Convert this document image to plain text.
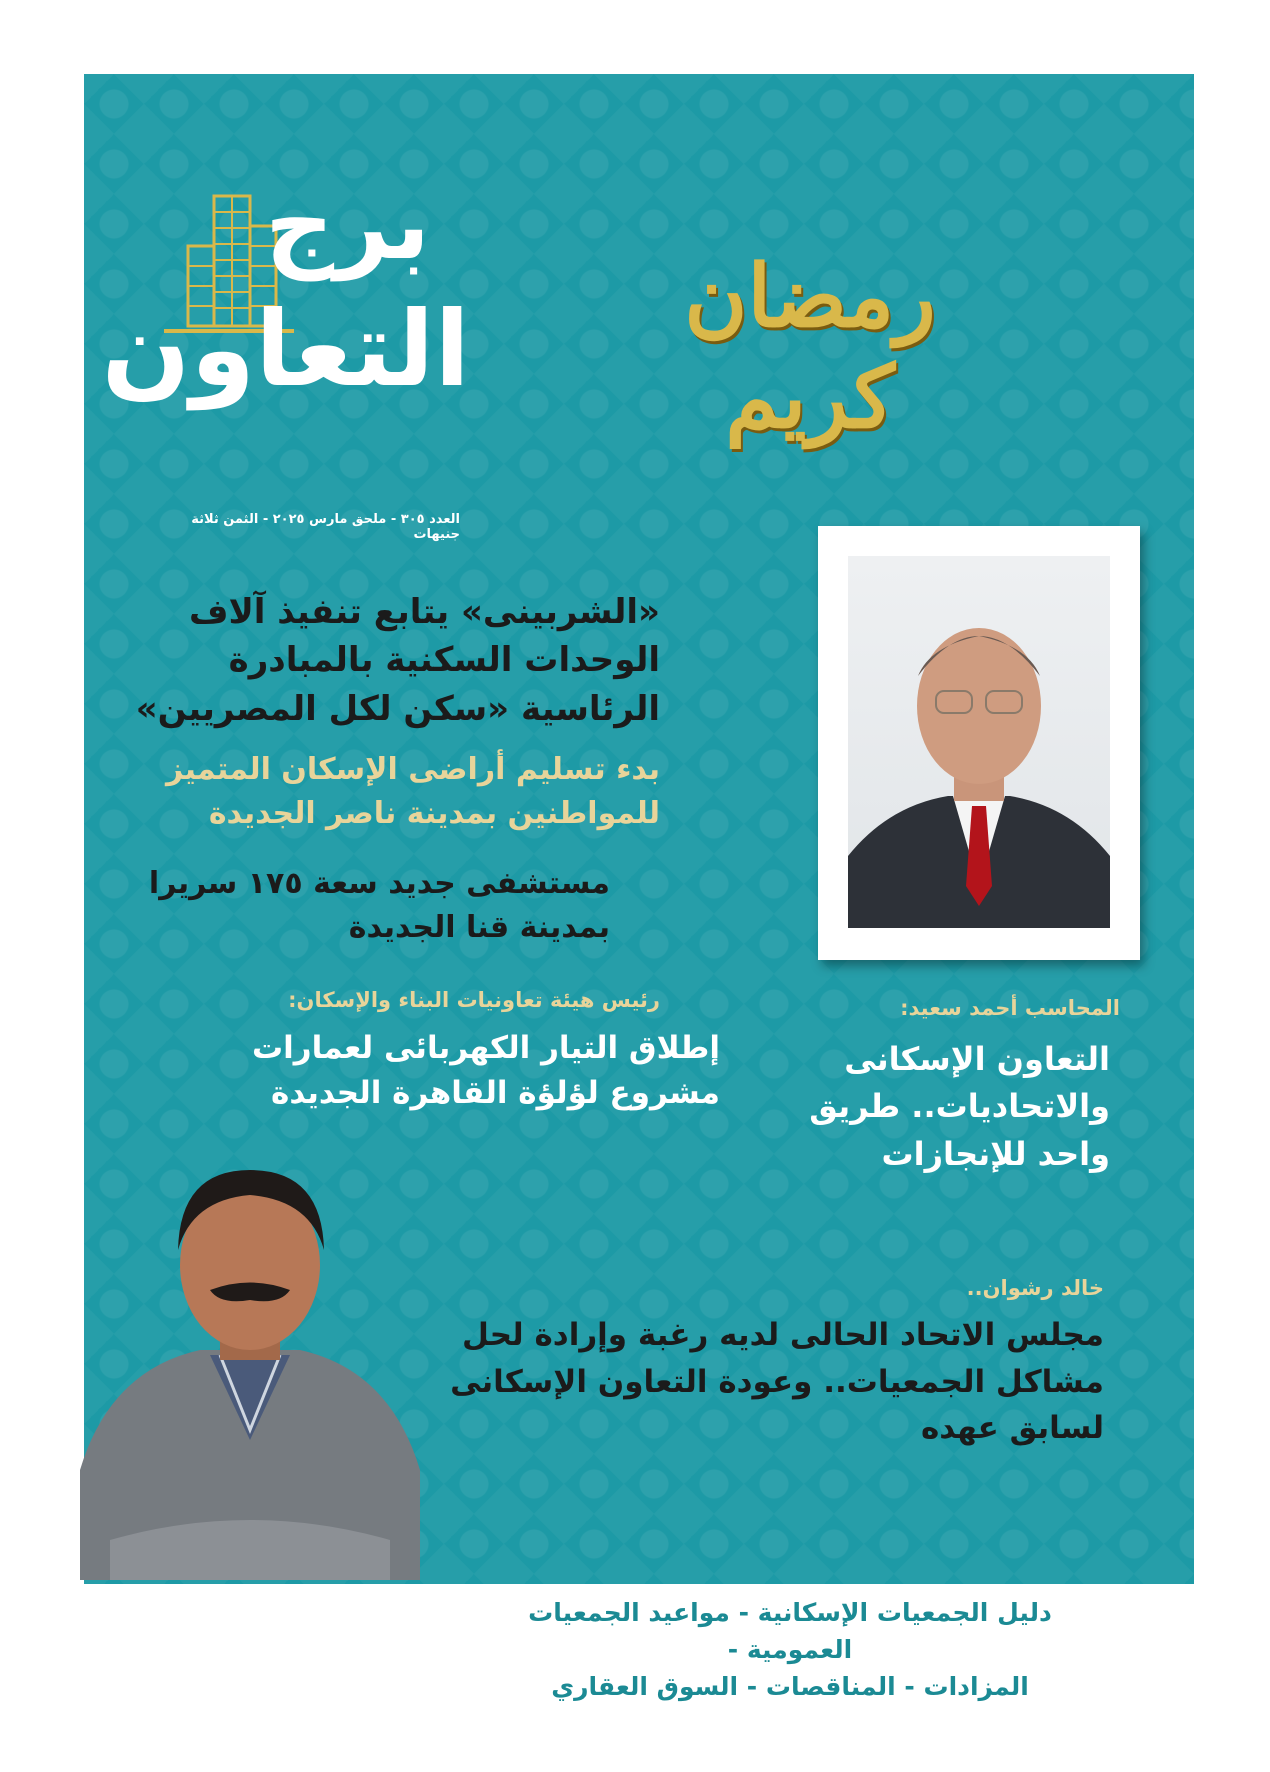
برج

التعاون

العدد ٣٠٥ - ملحق مارس ٢٠٢٥ - الثمن ثلاثة جنيهات

رمضان كريم

«الشربينى» يتابع تنفيذ آلاف الوحدات السكنية بالمبادرة الرئاسية «سكن لكل المصريين»

بدء تسليم أراضى الإسكان المتميز للمواطنين بمدينة ناصر الجديدة

مستشفى جديد سعة ١٧٥ سريرا بمدينة قنا الجديدة

رئيس هيئة تعاونيات البناء والإسكان:

إطلاق التيار الكهربائى لعمارات مشروع لؤلؤة القاهرة الجديدة

المحاسب أحمد سعيد:

التعاون الإسكانى والاتحاديات.. طريق واحد للإنجازات

خالد رشوان..

مجلس الاتحاد الحالى لديه رغبة وإرادة لحل مشاكل الجمعيات.. وعودة التعاون الإسكانى لسابق عهده

دليل الجمعيات الإسكانية - مواعيد الجمعيات العمومية -
المزادات - المناقصات - السوق العقاري
